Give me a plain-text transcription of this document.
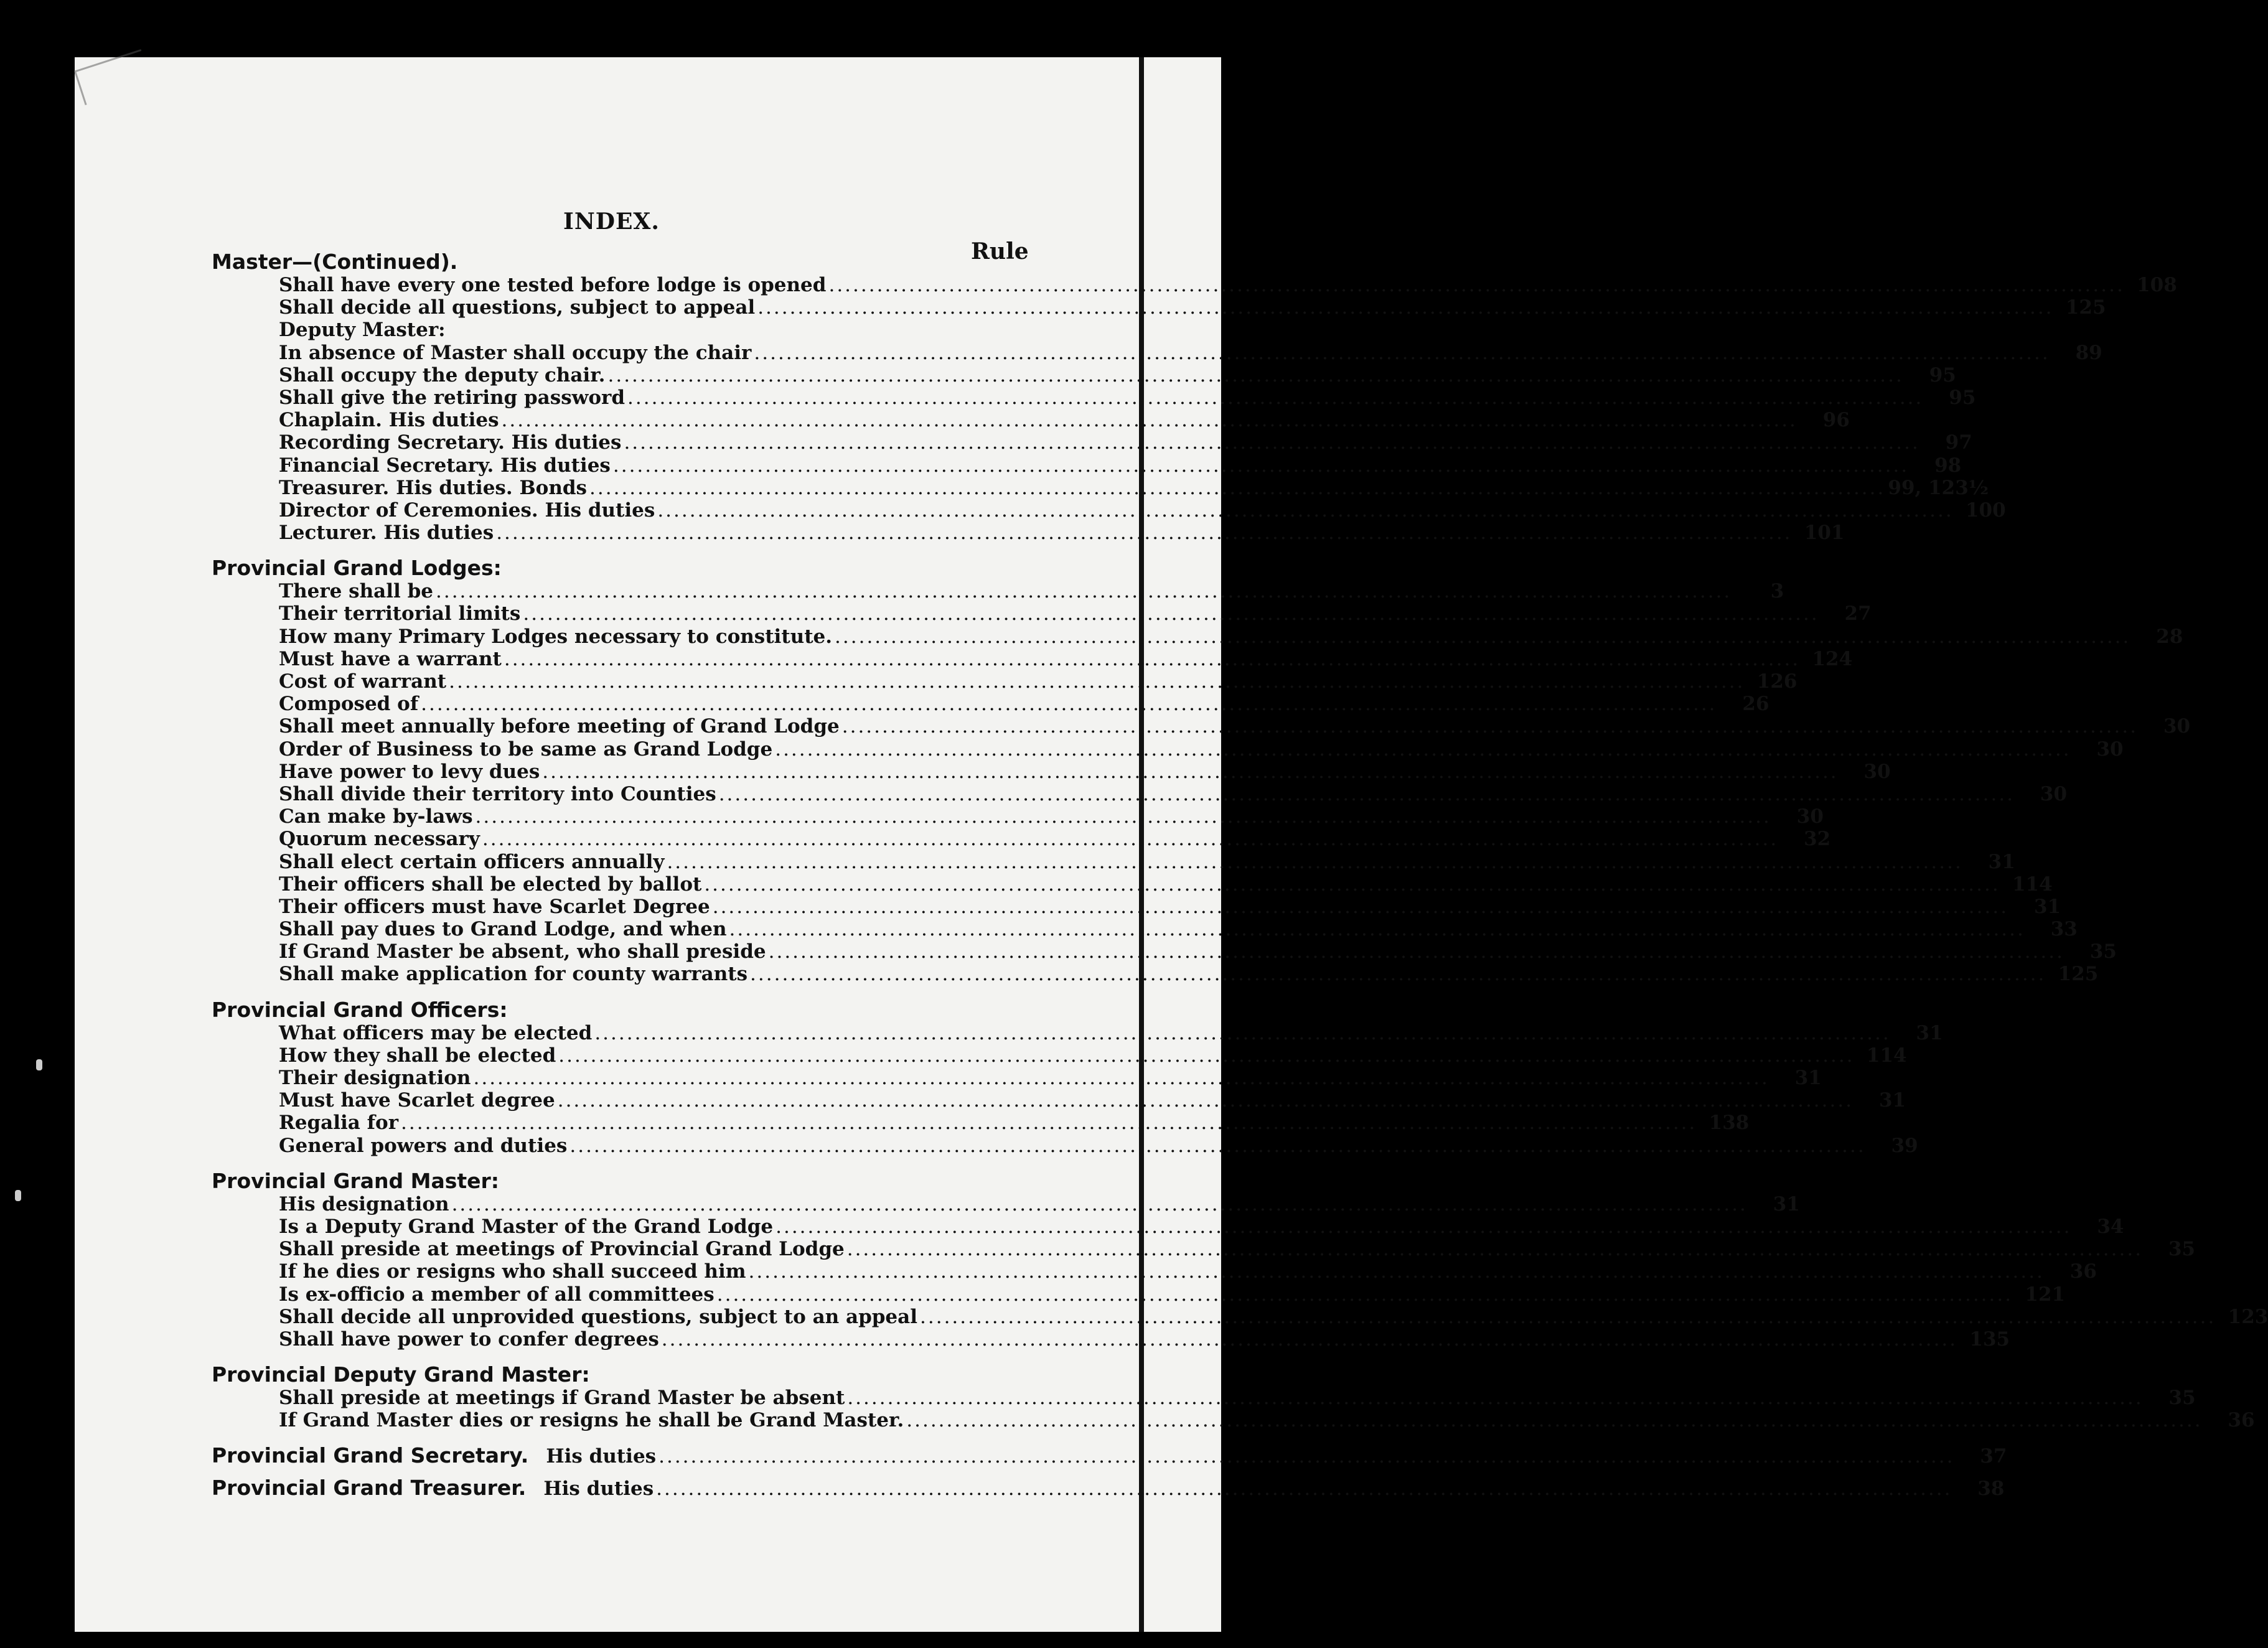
INDEX.
Rule
Master—(Continued).
Shall have every one tested before lodge is opened .................................................................................................................................................................. 108
Shall decide all questions, subject to appeal .................................................................................................................................................................. 125
Deputy Master:
In absence of Master shall occupy the chair ..................................................................................................................................................................	89
Shall occupy the deputy chair. ..................................................................................................................................................................	95
Shall give the retiring password ..................................................................................................................................................................	95
Chaplain. His duties ..................................................................................................................................................................	96
Recording Secretary. His duties ..................................................................................................................................................................	97
Financial Secretary. His duties ..................................................................................................................................................................	98
Treasurer. His duties. Bonds .................................................................................................................................................................. 99, 123½
Director of Ceremonies. His duties .................................................................................................................................................................. 100
Lecturer. His duties .................................................................................................................................................................. 101
Provincial Grand Lodges:
There shall be ..................................................................................................................................................................	3
Their territorial limits ..................................................................................................................................................................	27
How many Primary Lodges necessary to constitute. ..................................................................................................................................................................	28
Must have a warrant .................................................................................................................................................................. 124
Cost of warrant .................................................................................................................................................................. 126
Composed of ..................................................................................................................................................................	26
Shall meet annually before meeting of Grand Lodge ..................................................................................................................................................................	30
Order of Business to be same as Grand Lodge ..................................................................................................................................................................	30
Have power to levy dues ..................................................................................................................................................................	30
Shall divide their territory into Counties ..................................................................................................................................................................	30
Can make by-laws ..................................................................................................................................................................	30
Quorum necessary ..................................................................................................................................................................	32
Shall elect certain officers annually ..................................................................................................................................................................	31
Their officers shall be elected by ballot .................................................................................................................................................................. 114
Their officers must have Scarlet Degree ..................................................................................................................................................................	31
Shall pay dues to Grand Lodge, and when ..................................................................................................................................................................	33
If Grand Master be absent, who shall preside ..................................................................................................................................................................	35
Shall make application for county warrants .................................................................................................................................................................. 125
Provincial Grand Officers:
What officers may be elected ..................................................................................................................................................................	31
How they shall be elected .................................................................................................................................................................. 114
Their designation ..................................................................................................................................................................	31
Must have Scarlet degree ..................................................................................................................................................................	31
Regalia for .................................................................................................................................................................. 138
General powers and duties ..................................................................................................................................................................	39
Provincial Grand Master:
His designation ..................................................................................................................................................................	31
Is a Deputy Grand Master of the Grand Lodge ..................................................................................................................................................................	34
Shall preside at meetings of Provincial Grand Lodge ..................................................................................................................................................................	35
If he dies or resigns who shall succeed him ..................................................................................................................................................................	36
Is ex-officio a member of all committees .................................................................................................................................................................. 121
Shall decide all unprovided questions, subject to an appeal .................................................................................................................................................................. 123
Shall have power to confer degrees .................................................................................................................................................................. 135
Provincial Deputy Grand Master:
Shall preside at meetings if Grand Master be absent ..................................................................................................................................................................	35
If Grand Master dies or resigns he shall be Grand Master. ..................................................................................................................................................................	36
Provincial Grand Secretary. His duties ..................................................................................................................................................................	37
Provincial Grand Treasurer. His duties ..................................................................................................................................................................	38
